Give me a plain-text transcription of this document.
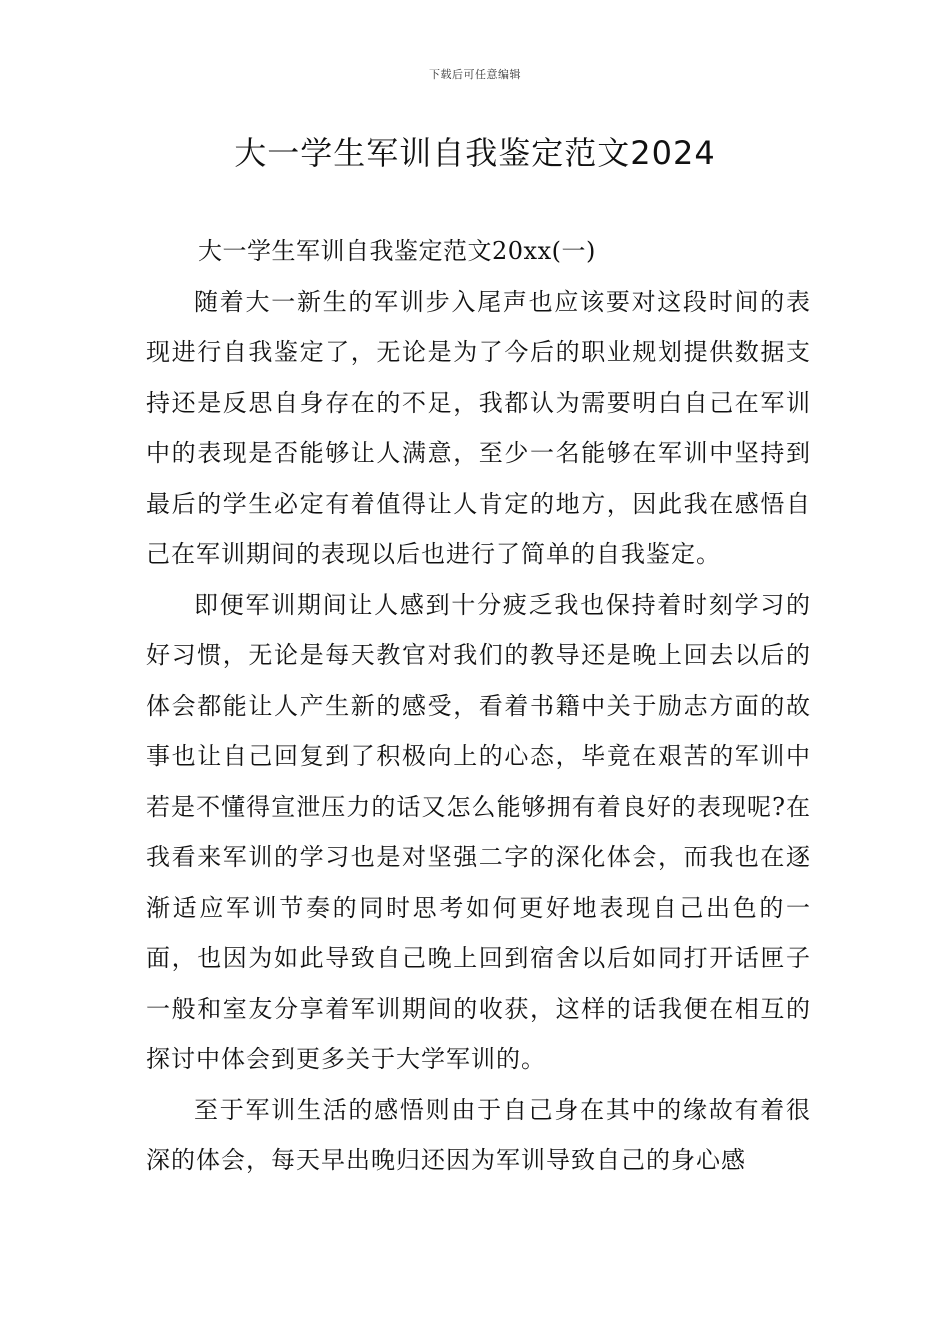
下载后可任意编辑
大一学生军训自我鉴定范文2024

大一学生军训自我鉴定范文20xx(一)

随着大一新生的军训步入尾声也应该要对这段时间的表现进行自我鉴定了，无论是为了今后的职业规划提供数据支持还是反思自身存在的不足，我都认为需要明白自己在军训中的表现是否能够让人满意，至少一名能够在军训中坚持到最后的学生必定有着值得让人肯定的地方，因此我在感悟自己在军训期间的表现以后也进行了简单的自我鉴定。

即便军训期间让人感到十分疲乏我也保持着时刻学习的好习惯，无论是每天教官对我们的教导还是晚上回去以后的体会都能让人产生新的感受，看着书籍中关于励志方面的故事也让自己回复到了积极向上的心态，毕竟在艰苦的军训中若是不懂得宣泄压力的话又怎么能够拥有着良好的表现呢?在我看来军训的学习也是对坚强二字的深化体会，而我也在逐渐适应军训节奏的同时思考如何更好地表现自己出色的一面，也因为如此导致自己晚上回到宿舍以后如同打开话匣子一般和室友分享着军训期间的收获，这样的话我便在相互的探讨中体会到更多关于大学军训的。

至于军训生活的感悟则由于自己身在其中的缘故有着很深的体会，每天早出晚归还因为军训导致自己的身心感
